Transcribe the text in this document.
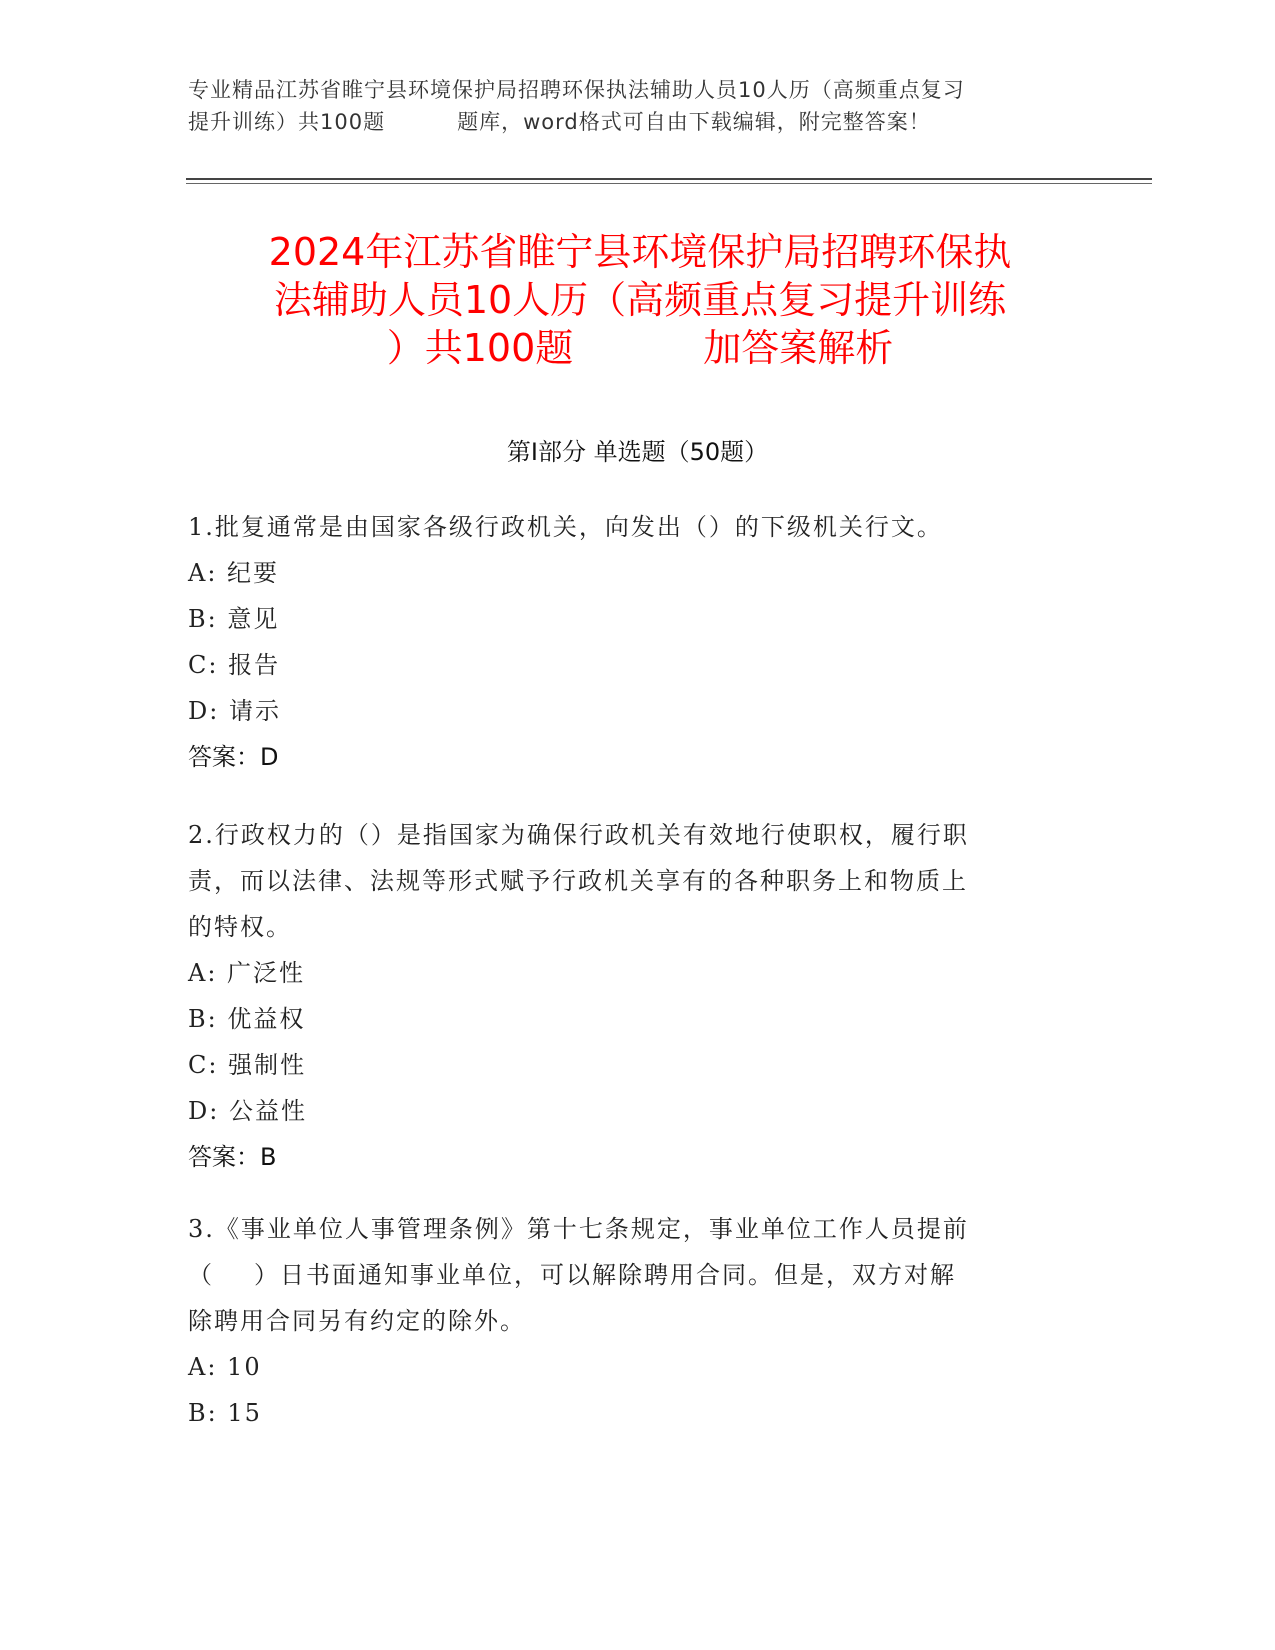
专业精品江苏省睢宁县环境保护局招聘环保执法辅助人员10人历（高频重点复习
提升训练）共100题	题库，word格式可自由下载编辑，附完整答案！
2024年江苏省睢宁县环境保护局招聘环保执
法辅助人员10人历（高频重点复习提升训练
）共100题	加答案解析
第I部分 单选题（50题）

1.批复通常是由国家各级行政机关，向发出（）的下级机关行文。

A: 纪要

B: 意见

C: 报告

D: 请示

答案：D

2.行政权力的（）是指国家为确保行政机关有效地行使职权，履行职

责，而以法律、法规等形式赋予行政机关享有的各种职务上和物质上

的特权。

A: 广泛性

B: 优益权

C: 强制性

D: 公益性

答案：B

3.《事业单位人事管理条例》第十七条规定，事业单位工作人员提前

（ ）日书面通知事业单位，可以解除聘用合同。但是，双方对解

除聘用合同另有约定的除外。

A: 10

B: 15
